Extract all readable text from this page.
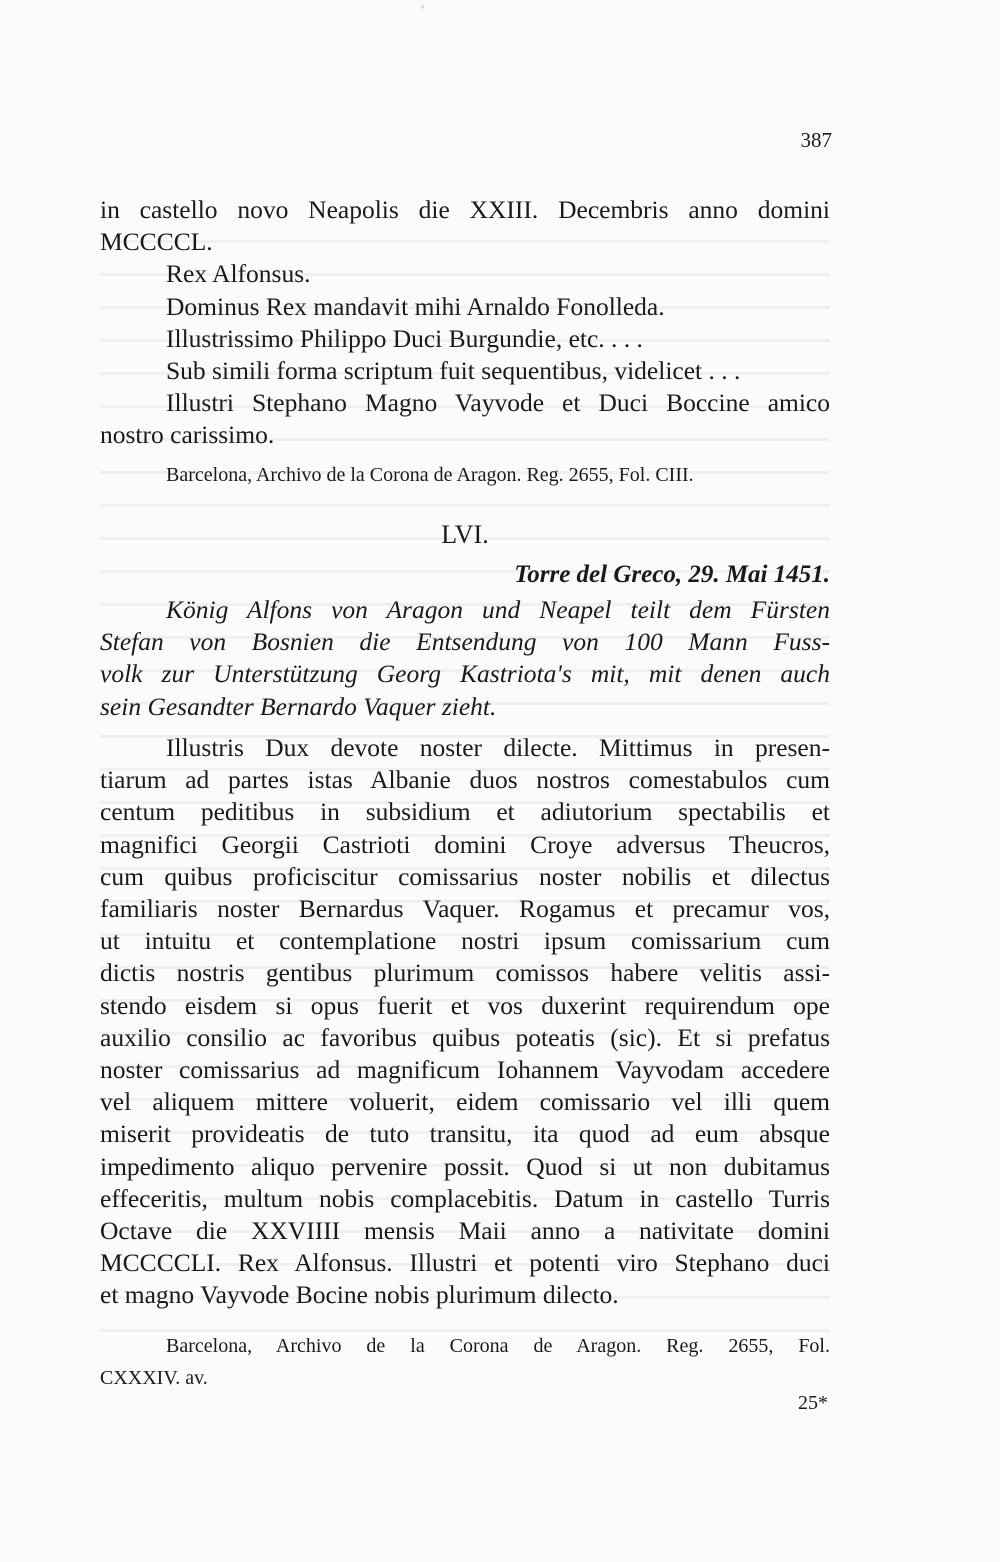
◦
387
in castello novo Neapolis die XXIII. Decembris anno domini
MCCCCL.
Rex Alfonsus.
Dominus Rex mandavit mihi Arnaldo Fonolleda.
Illustrissimo Philippo Duci Burgundie, etc. . . .
Sub simili forma scriptum fuit sequentibus, videlicet . . .
Illustri Stephano Magno Vayvode et Duci Boccine amico
nostro carissimo.
Barcelona, Archivo de la Corona de Aragon. Reg. 2655, Fol. CIII.
LVI.
Torre del Greco, 29. Mai 1451.
König Alfons von Aragon und Neapel teilt dem Fürsten
Stefan von Bosnien die Entsendung von 100 Mann Fuss-
volk zur Unterstützung Georg Kastriota's mit, mit denen auch
sein Gesandter Bernardo Vaquer zieht.
Illustris Dux devote noster dilecte. Mittimus in presen-
tiarum ad partes istas Albanie duos nostros comestabulos cum
centum peditibus in subsidium et adiutorium spectabilis et
magnifici Georgii Castrioti domini Croye adversus Theucros,
cum quibus proficiscitur comissarius noster nobilis et dilectus
familiaris noster Bernardus Vaquer. Rogamus et precamur vos,
ut intuitu et contemplatione nostri ipsum comissarium cum
dictis nostris gentibus plurimum comissos habere velitis assi-
stendo eisdem si opus fuerit et vos duxerint requirendum ope
auxilio consilio ac favoribus quibus poteatis (sic). Et si prefatus
noster comissarius ad magnificum Iohannem Vayvodam accedere
vel aliquem mittere voluerit, eidem comissario vel illi quem
miserit provideatis de tuto transitu, ita quod ad eum absque
impedimento aliquo pervenire possit. Quod si ut non dubitamus
effeceritis, multum nobis complacebitis. Datum in castello Turris
Octave die XXVIIII mensis Maii anno a nativitate domini
MCCCCLI. Rex Alfonsus. Illustri et potenti viro Stephano duci
et magno Vayvode Bocine nobis plurimum dilecto.
Barcelona, Archivo de la Corona de Aragon. Reg. 2655, Fol.
CXXXIV. av.
25*
